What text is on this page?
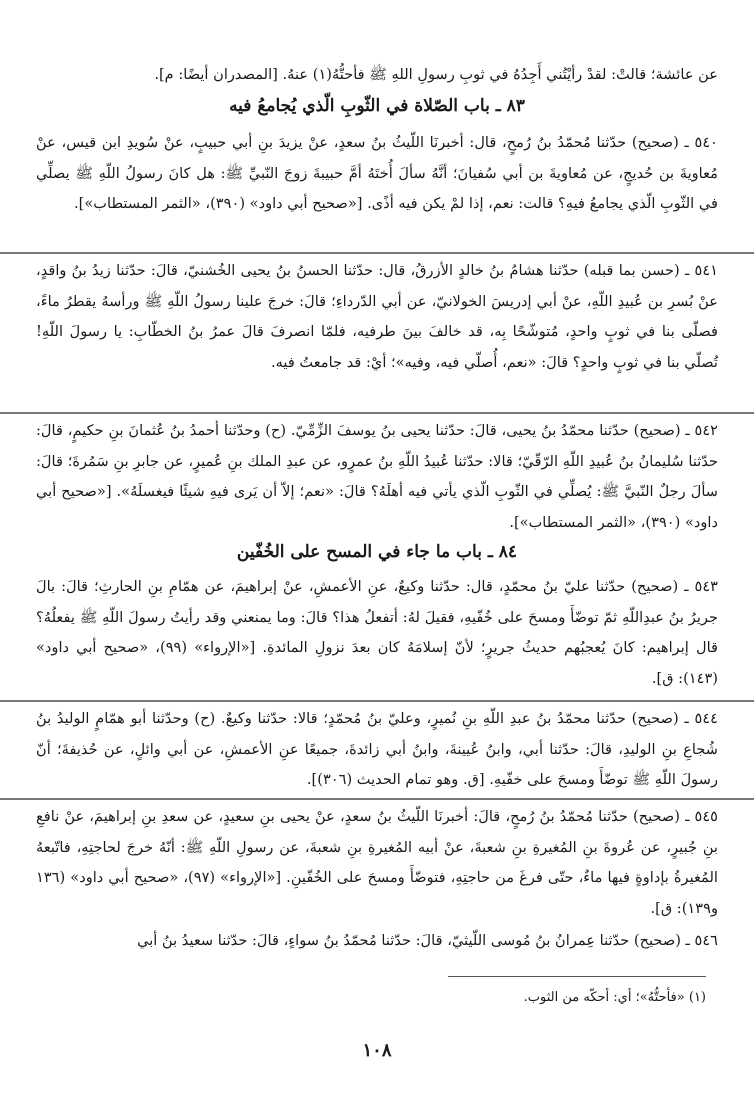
عن عائشة؛ قالتْ: لقدْ رأيْتُني أَجِدُهُ في ثوبِ رسولِ اللهِ ﷺ فأحتُّهُ(١) عنهُ. [المصدران أيضًا: م].

٨٣ ـ باب الصّلاة في الثّوبِ الّذي يُجامعُ فيه

٥٤٠ ـ (صحيح) حدّثنا مُحمّدُ بنُ رُمحٍ، قال: أخبرنَا اللّيثُ بنُ سعدٍ، عنْ يزيدَ بنِ أبي حبيبٍ، عنْ سُويدِ ابن قيس، عنْ مُعاويةَ بن حُديجٍ، عن مُعاويةَ بن أبي سُفيانَ؛ أنَّهُ سألَ أُختَهُ أمَّ حبيبةَ زوجَ النّبيِّ ﷺ: هل كانَ رسولُ اللّهِ ﷺ يصلِّي في الثّوبِ الّذي يجامعُ فيهِ؟ قالت: نعم، إذا لمْ يكن فيه أذًى. [«صحيح أبي داود» (٣٩٠)، «الثمر المستطاب»].

٥٤١ ـ (حسن بما قبله) حدّثنا هشامُ بنُ خالدٍ الأزرقُ، قال: حدّثنا الحسنُ بنُ يحيى الخُشنيّ، قالَ: حدّثنا زيدُ بنُ واقدٍ، عنْ بُسرِ بن عُبيدِ اللّهِ، عنْ أبي إدريسَ الخولانيّ، عن أبي الدّرداءِ؛ قالَ: خرجَ علينا رسولُ اللّهِ ﷺ ورأسهُ يقطرُ ماءً، فصلّى بنا في ثوبٍ واحدٍ، مُتوشّحًا بِه، قد خالفَ بينَ طرفيه، فلمّا انصرفَ قالَ عمرُ بنُ الخطّابِ: يا رسولَ اللّهِ! تُصلّي بنا في ثوبٍ واحدٍ؟ قالَ: «نعم، أُصلّي فيه، وفيه»؛ أيْ: قد جامعتُ فيه.

٥٤٢ ـ (صحيح) حدّثنا محمّدُ بنُ يحيى، قالَ: حدّثنا يحيى بنُ يوسفَ الزِّمِّيّ. (ح) وحدّثنا أحمدُ بنُ عُثمانَ بنِ حكيمٍ، قالَ: حدّثنا سُليمانُ بنُ عُبيدِ اللّهِ الرّقّيّ؛ قالا: حدّثنا عُبيدُ اللّهِ بنُ عمرٍو، عن عبدِ الملك بنِ عُميرٍ، عن جابرِ بنِ سَمُرةَ؛ قالَ: سألَ رجلٌ النّبيَّ ﷺ: يُصلِّي في الثّوبِ الّذي يأتي فيه أهلَهُ؟ قالَ: «نعم؛ إلاّ أن يَرى فيهِ شيئًا فيغسلَهُ». [«صحيح أبي داود» (٣٩٠)، «الثمر المستطاب»].

٨٤ ـ باب ما جاء في المسح على الخُفّين

٥٤٣ ـ (صحيح) حدّثنا عليّ بنُ محمّدٍ، قال: حدّثنا وكيعٌ، عنِ الأعمشِ، عنْ إبراهيمَ، عن همّامِ بنِ الحارثِ؛ قالَ: بالَ جريرُ بنُ عبدِاللّهِ ثمّ توضّأَ ومسحَ على خُفّيهِ، فقيلَ لهُ: أتفعلُ هذا؟ قالَ: وما يمنعني وقد رأيتُ رسولَ اللّهِ ﷺ يفعلُهُ؟ قال إبراهيم: كانَ يُعجبُهم حديثُ جريرٍ؛ لأنّ إسلامَهُ كان بعدَ نزولِ المائدةِ. [«الإرواء» (٩٩)، «صحيح أبي داود» (١٤٣): ق].

٥٤٤ ـ (صحيح) حدّثنا محمّدُ بنُ عبدِ اللّهِ بنِ نُميرٍ، وعليّ بنُ مُحمّدٍ؛ قالا: حدّثنا وكيعٌ. (ح) وحدّثنا أبو همّامٍ الوليدُ بنُ شُجاعِ بنِ الوليدِ، قالَ: حدّثنا أبي، وابنُ عُيينةَ، وابنُ أبي زائدةَ، جميعًا عنِ الأعمشِ، عن أبي وائلٍ، عن حُذيفةَ؛ أنّ رسولَ اللّهِ ﷺ توضّأَ ومسحَ على خفّيهِ. [ق. وهو تمام الحديث (٣٠٦)].

٥٤٥ ـ (صحيح) حدّثنا مُحمّدُ بنُ رُمحٍ، قالَ: أخبرنَا اللّيثُ بنُ سعدٍ، عنْ يحيى بنِ سعيدٍ، عن سعدِ بنِ إبراهيمَ، عنْ نافعِ بنِ جُبيرٍ، عن عُروةَ بنِ المُغيرةِ بنِ شعبةَ، عنْ أبيه المُغيرةِ بنِ شعبةَ، عن رسولِ اللّهِ ﷺ: أنّهُ خرجَ لحاجتِهِ، فاتّبعهُ المُغيرةُ بإداوةٍ فيها ماءٌ، حتّى فرغَ من حاجتِهِ، فتوضّأَ ومسحَ على الخُفّينِ. [«الإرواء» (٩٧)، «صحيح أبي داود» (١٣٦ و١٣٩): ق].

٥٤٦ ـ (صحيح) حدّثنا عِمرانُ بنُ مُوسى اللّيثيّ، قالَ: حدّثنا مُحمّدُ بنُ سواءٍ، قالَ: حدّثنا سعيدُ بنُ أبي

(١) «فأحتُّهُ»؛ أي: أحكّه من الثوب.

١٠٨
